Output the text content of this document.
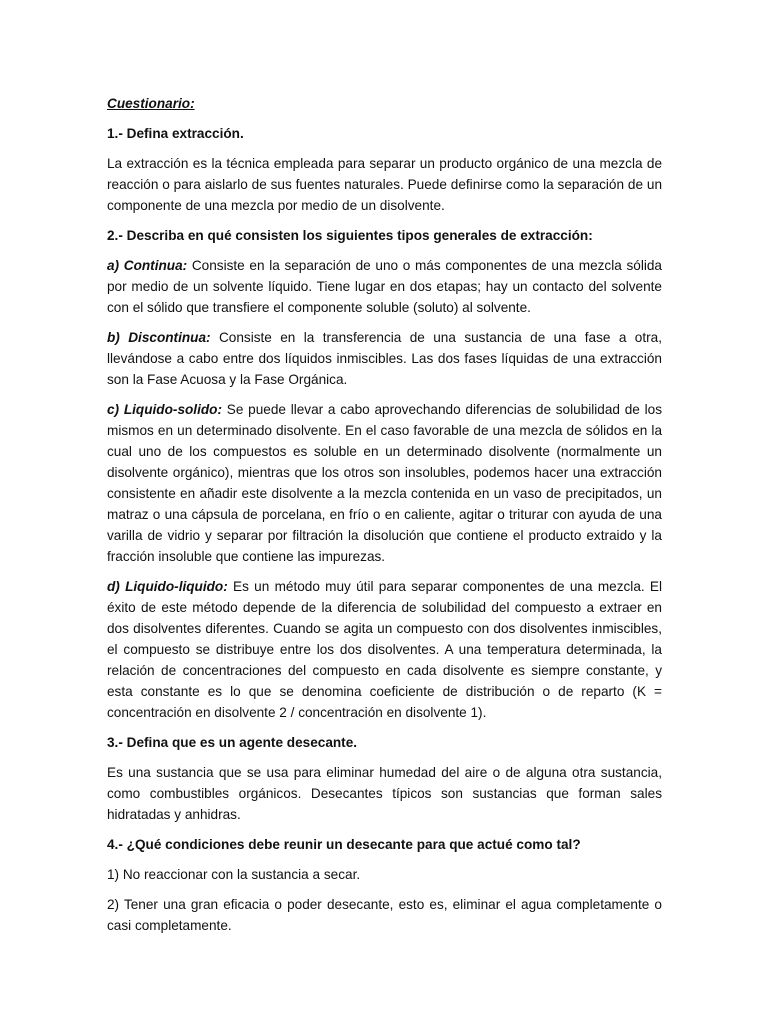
Cuestionario:
1.- Defina extracción.

La extracción es la técnica empleada para separar un producto orgánico de una mezcla de reacción o para aislarlo de sus fuentes naturales. Puede definirse como la separación de un componente de una mezcla por medio de un disolvente.

2.- Describa en qué consisten los siguientes tipos generales de extracción:

a) Continua: Consiste en la separación de uno o más componentes de una mezcla sólida por medio de un solvente líquido. Tiene lugar en dos etapas; hay un contacto del solvente con el sólido que transfiere el componente soluble (soluto) al solvente.

b) Discontinua: Consiste en la transferencia de una sustancia de una fase a otra, llevándose a cabo entre dos líquidos inmiscibles. Las dos fases líquidas de una extracción son la Fase Acuosa y la Fase Orgánica.

c) Liquido-solido: Se puede llevar a cabo aprovechando diferencias de solubilidad de los mismos en un determinado disolvente. En el caso favorable de una mezcla de sólidos en la cual uno de los compuestos es soluble en un determinado disolvente (normalmente un disolvente orgánico), mientras que los otros son insolubles, podemos hacer una extracción consistente en añadir este disolvente a la mezcla contenida en un vaso de precipitados, un matraz o una cápsula de porcelana, en frío o en caliente, agitar o triturar con ayuda de una varilla de vidrio y separar por filtración la disolución que contiene el producto extraido y la fracción insoluble que contiene las impurezas.

d) Liquido-liquido: Es un método muy útil para separar componentes de una mezcla. El éxito de este método depende de la diferencia de solubilidad del compuesto a extraer en dos disolventes diferentes. Cuando se agita un compuesto con dos disolventes inmiscibles, el compuesto se distribuye entre los dos disolventes. A una temperatura determinada, la relación de concentraciones del compuesto en cada disolvente es siempre constante, y esta constante es lo que se denomina coeficiente de distribución o de reparto (K = concentración en disolvente 2 / concentración en disolvente 1).

3.- Defina que es un agente desecante.

Es una sustancia que se usa para eliminar humedad del aire o de alguna otra sustancia, como combustibles orgánicos. Desecantes típicos son sustancias que forman sales hidratadas y anhidras.

4.- ¿Qué condiciones debe reunir un desecante para que actué como tal?

1) No reaccionar con la sustancia a secar.

2) Tener una gran eficacia o poder desecante, esto es, eliminar el agua completamente o casi completamente.
